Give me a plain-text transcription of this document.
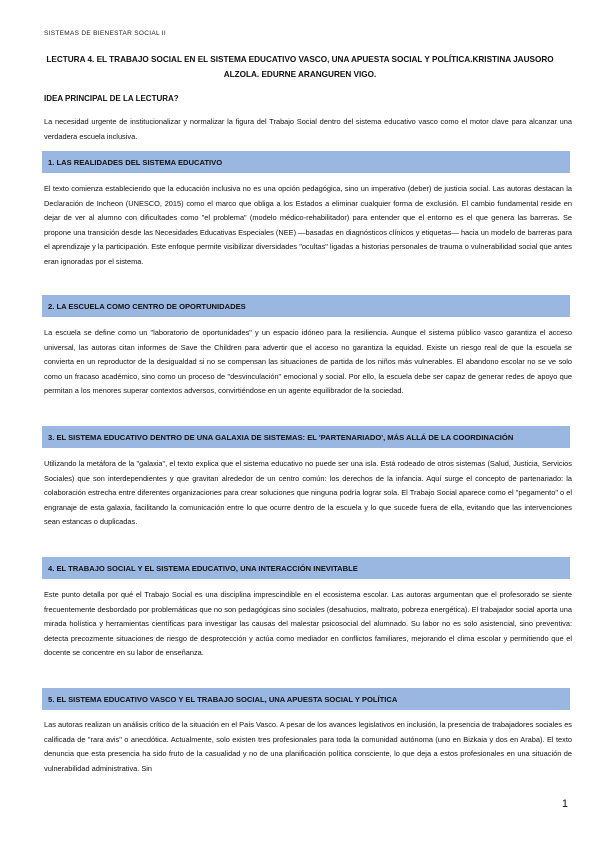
SISTEMAS DE BIENESTAR SOCIAL II
LECTURA 4. EL TRABAJO SOCIAL EN EL SISTEMA EDUCATIVO VASCO, UNA APUESTA SOCIAL Y POLÍTICA.KRISTINA JAUSORO ALZOLA. EDURNE ARANGUREN VIGO.
IDEA PRINCIPAL DE LA LECTURA?

La necesidad urgente de institucionalizar y normalizar la figura del Trabajo Social dentro del sistema educativo vasco como el motor clave para alcanzar una verdadera escuela inclusiva.

1. LAS REALIDADES DEL SISTEMA EDUCATIVO

El texto comienza estableciendo que la educación inclusiva no es una opción pedagógica, sino un imperativo (deber) de justicia social. Las autoras destacan la Declaración de Incheon (UNESCO, 2015) como el marco que obliga a los Estados a eliminar cualquier forma de exclusión. El cambio fundamental reside en dejar de ver al alumno con dificultades como "el problema" (modelo médico-rehabilitador) para entender que el entorno es el que genera las barreras. Se propone una transición desde las Necesidades Educativas Especiales (NEE) —basadas en diagnósticos clínicos y etiquetas— hacia un modelo de barreras para el aprendizaje y la participación. Este enfoque permite visibilizar diversidades "ocultas" ligadas a historias personales de trauma o vulnerabilidad social que antes eran ignoradas por el sistema.

2. LA ESCUELA COMO CENTRO DE OPORTUNIDADES

La escuela se define como un "laboratorio de oportunidades" y un espacio idóneo para la resiliencia. Aunque el sistema público vasco garantiza el acceso universal, las autoras citan informes de Save the Children para advertir que el acceso no garantiza la equidad. Existe un riesgo real de que la escuela se convierta en un reproductor de la desigualdad si no se compensan las situaciones de partida de los niños más vulnerables. El abandono escolar no se ve solo como un fracaso académico, sino como un proceso de "desvinculación" emocional y social. Por ello, la escuela debe ser capaz de generar redes de apoyo que permitan a los menores superar contextos adversos, convirtiéndose en un agente equilibrador de la sociedad.

3. EL SISTEMA EDUCATIVO DENTRO DE UNA GALAXIA DE SISTEMAS: EL 'PARTENARIADO', MÁS ALLÁ DE LA COORDINACIÓN

Utilizando la metáfora de la "galaxia", el texto explica que el sistema educativo no puede ser una isla. Está rodeado de otros sistemas (Salud, Justicia, Servicios Sociales) que son interdependientes y que gravitan alrededor de un centro común: los derechos de la infancia. Aquí surge el concepto de partenariado: la colaboración estrecha entre diferentes organizaciones para crear soluciones que ninguna podría lograr sola. El Trabajo Social aparece como el "pegamento" o el engranaje de esta galaxia, facilitando la comunicación entre lo que ocurre dentro de la escuela y lo que sucede fuera de ella, evitando que las intervenciones sean estancas o duplicadas.

4. EL TRABAJO SOCIAL Y EL SISTEMA EDUCATIVO, UNA INTERACCIÓN INEVITABLE

Este punto detalla por qué el Trabajo Social es una disciplina imprescindible en el ecosistema escolar. Las autoras argumentan que el profesorado se siente frecuentemente desbordado por problemáticas que no son pedagógicas sino sociales (desahucios, maltrato, pobreza energética). El trabajador social aporta una mirada holística y herramientas científicas para investigar las causas del malestar psicosocial del alumnado. Su labor no es solo asistencial, sino preventiva: detecta precozmente situaciones de riesgo de desprotección y actúa como mediador en conflictos familiares, mejorando el clima escolar y permitiendo que el docente se concentre en su labor de enseñanza.

5. EL SISTEMA EDUCATIVO VASCO Y EL TRABAJO SOCIAL, UNA APUESTA SOCIAL Y POLÍTICA

Las autoras realizan un análisis crítico de la situación en el País Vasco. A pesar de los avances legislativos en inclusión, la presencia de trabajadores sociales es calificada de "rara avis" o anecdótica. Actualmente, solo existen tres profesionales para toda la comunidad autónoma (uno en Bizkaia y dos en Araba). El texto denuncia que esta presencia ha sido fruto de la casualidad y no de una planificación política consciente, lo que deja a estos profesionales en una situación de vulnerabilidad administrativa. Sin

1
